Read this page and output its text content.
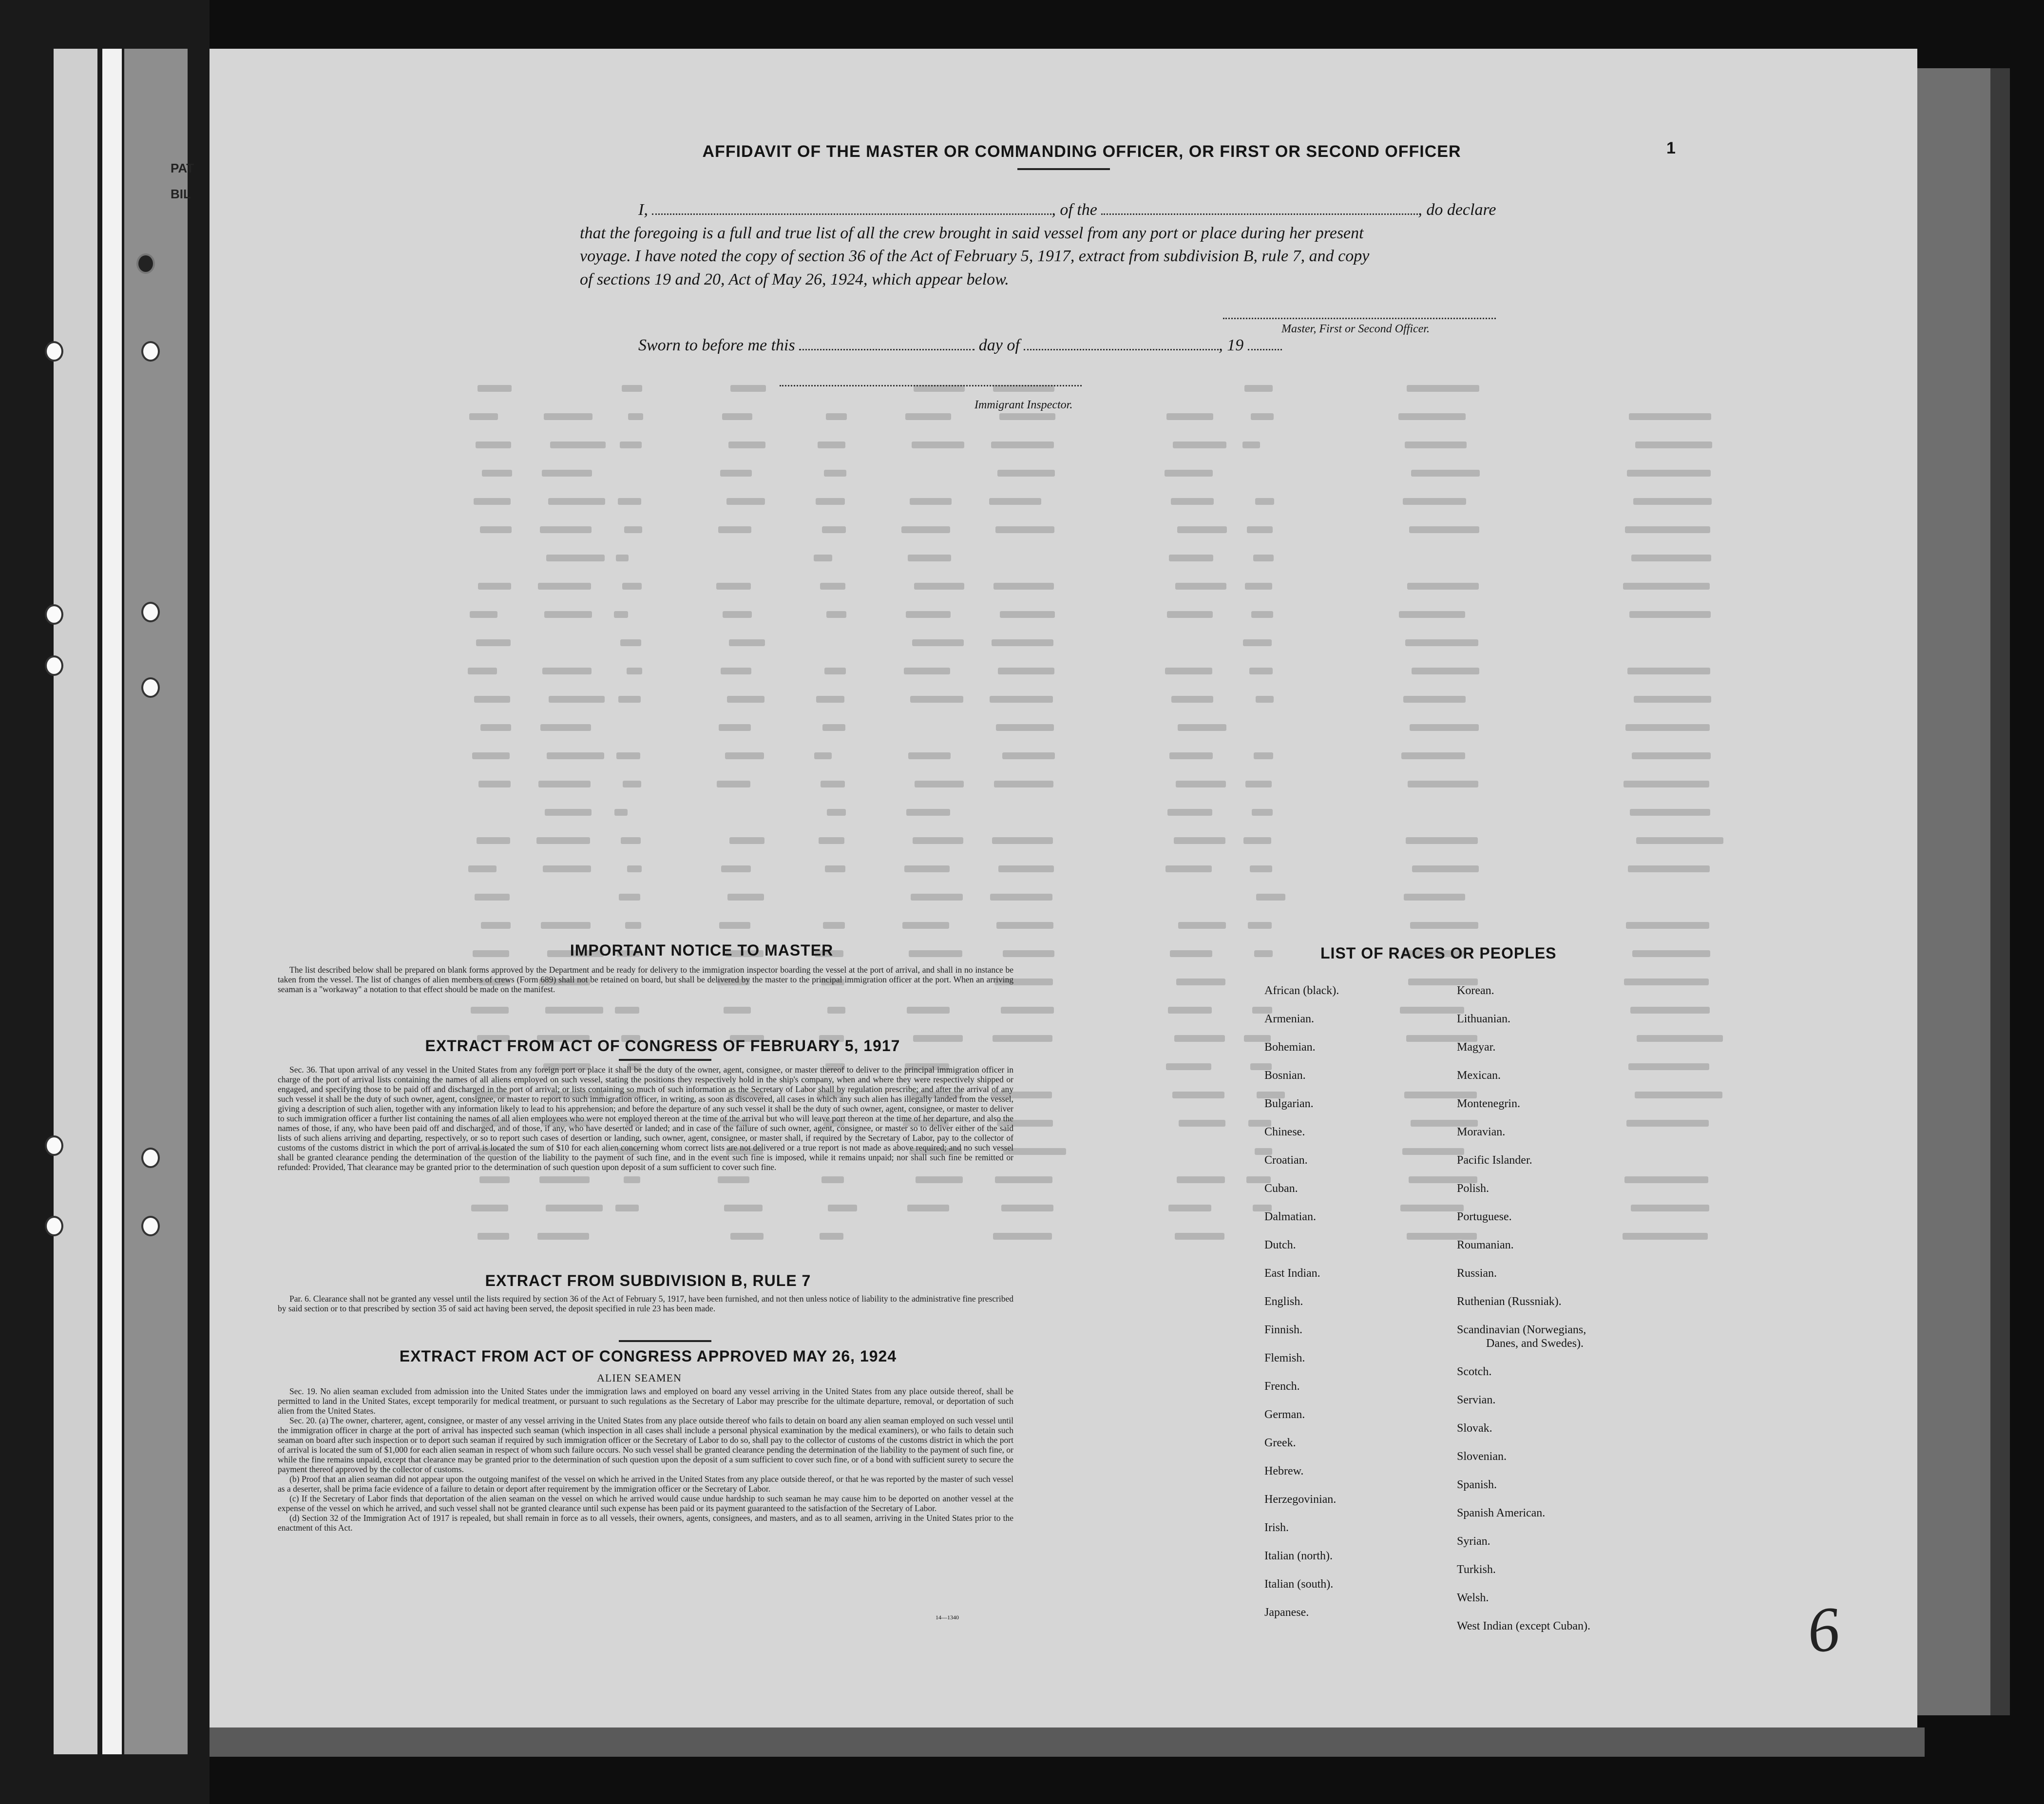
PAT
BIL
AFFIDAVIT OF THE MASTER OR COMMANDING OFFICER, OR FIRST OR SECOND OFFICER	1
I,	, of the	, do declare
that the foregoing is a full and true list of all the crew brought in said vessel from any port or place during her present
voyage. I have noted the copy of section 36 of the Act of February 5, 1917, extract from subdivision B, rule 7, and copy
of sections 19 and 20, Act of May 26, 1924, which appear below.
Master, First or Second Officer.
Sworn to before me this	day of	, 19
Immigrant Inspector.
IMPORTANT NOTICE TO MASTER

The list described below shall be prepared on blank forms approved by the Department and be ready for delivery to the immigration inspector boarding the vessel at the port of arrival, and shall in no instance be taken from the vessel. The list of changes of alien members of crews (Form 689) shall not be retained on board, but shall be delivered by the master to the principal immigration officer at the port. When an arriving seaman is a "workaway" a notation to that effect should be made on the manifest.

EXTRACT FROM ACT OF CONGRESS OF FEBRUARY 5, 1917

Sec. 36. That upon arrival of any vessel in the United States from any foreign port or place it shall be the duty of the owner, agent, consignee, or master thereof to deliver to the principal immigration officer in charge of the port of arrival lists containing the names of all aliens employed on such vessel, stating the positions they respectively hold in the ship's company, when and where they were respectively shipped or engaged, and specifying those to be paid off and discharged in the port of arrival; or lists containing so much of such information as the Secretary of Labor shall by regulation prescribe; and after the arrival of any such vessel it shall be the duty of such owner, agent, consignee, or master to report to such immigration officer, in writing, as soon as discovered, all cases in which any such alien has illegally landed from the vessel, giving a description of such alien, together with any information likely to lead to his apprehension; and before the departure of any such vessel it shall be the duty of such owner, agent, consignee, or master to deliver to such immigration officer a further list containing the names of all alien employees who were not employed thereon at the time of the arrival but who will leave port thereon at the time of her departure, and also the names of those, if any, who have been paid off and discharged, and of those, if any, who have deserted or landed; and in case of the failure of such owner, agent, consignee, or master so to deliver either of the said lists of such aliens arriving and departing, respectively, or so to report such cases of desertion or landing, such owner, agent, consignee, or master shall, if required by the Secretary of Labor, pay to the collector of customs of the customs district in which the port of arrival is located the sum of $10 for each alien concerning whom correct lists are not delivered or a true report is not made as above required; and no such vessel shall be granted clearance pending the determination of the question of the liability to the payment of such fine, and in the event such fine is imposed, while it remains unpaid; nor shall such fine be remitted or refunded: Provided, That clearance may be granted prior to the determination of such question upon deposit of a sum sufficient to cover such fine.

EXTRACT FROM SUBDIVISION B, RULE 7

Par. 6. Clearance shall not be granted any vessel until the lists required by section 36 of the Act of February 5, 1917, have been furnished, and not then unless notice of liability to the administrative fine prescribed by said section or to that prescribed by section 35 of said act having been served, the deposit specified in rule 23 has been made.

EXTRACT FROM ACT OF CONGRESS APPROVED MAY 26, 1924
ALIEN SEAMEN

Sec. 19. No alien seaman excluded from admission into the United States under the immigration laws and employed on board any vessel arriving in the United States from any place outside thereof, shall be permitted to land in the United States, except temporarily for medical treatment, or pursuant to such regulations as the Secretary of Labor may prescribe for the ultimate departure, removal, or deportation of such alien from the United States.

Sec. 20. (a) The owner, charterer, agent, consignee, or master of any vessel arriving in the United States from any place outside thereof who fails to detain on board any alien seaman employed on such vessel until the immigration officer in charge at the port of arrival has inspected such seaman (which inspection in all cases shall include a personal physical examination by the medical examiners), or who fails to detain such seaman on board after such inspection or to deport such seaman if required by such immigration officer or the Secretary of Labor to do so, shall pay to the collector of customs of the customs district in which the port of arrival is located the sum of $1,000 for each alien seaman in respect of whom such failure occurs. No such vessel shall be granted clearance pending the determination of the liability to the payment of such fine, or while the fine remains unpaid, except that clearance may be granted prior to the determination of such question upon the deposit of a sum sufficient to cover such fine, or of a bond with sufficient surety to secure the payment thereof approved by the collector of customs.

(b) Proof that an alien seaman did not appear upon the outgoing manifest of the vessel on which he arrived in the United States from any place outside thereof, or that he was reported by the master of such vessel as a deserter, shall be prima facie evidence of a failure to detain or deport after requirement by the immigration officer or the Secretary of Labor.

(c) If the Secretary of Labor finds that deportation of the alien seaman on the vessel on which he arrived would cause undue hardship to such seaman he may cause him to be deported on another vessel at the expense of the vessel on which he arrived, and such vessel shall not be granted clearance until such expense has been paid or its payment guaranteed to the satisfaction of the Secretary of Labor.

(d) Section 32 of the Immigration Act of 1917 is repealed, but shall remain in force as to all vessels, their owners, agents, consignees, and masters, and as to all seamen, arriving in the United States prior to the enactment of this Act.

14—1340
LIST OF RACES OR PEOPLES
African (black).
Armenian.
Bohemian.
Bosnian.
Bulgarian.
Chinese.
Croatian.
Cuban.
Dalmatian.
Dutch.
East Indian.
English.
Finnish.
Flemish.
French.
German.
Greek.
Hebrew.
Herzegovinian.
Irish.
Italian (north).
Italian (south).
Japanese.
Korean.
Lithuanian.
Magyar.
Mexican.
Montenegrin.
Moravian.
Pacific Islander.
Polish.
Portuguese.
Roumanian.
Russian.
Ruthenian (Russniak).
Scandinavian (Norwegians,
Danes, and Swedes).
Scotch.
Servian.
Slovak.
Slovenian.
Spanish.
Spanish American.
Syrian.
Turkish.
Welsh.
West Indian (except Cuban).	6
